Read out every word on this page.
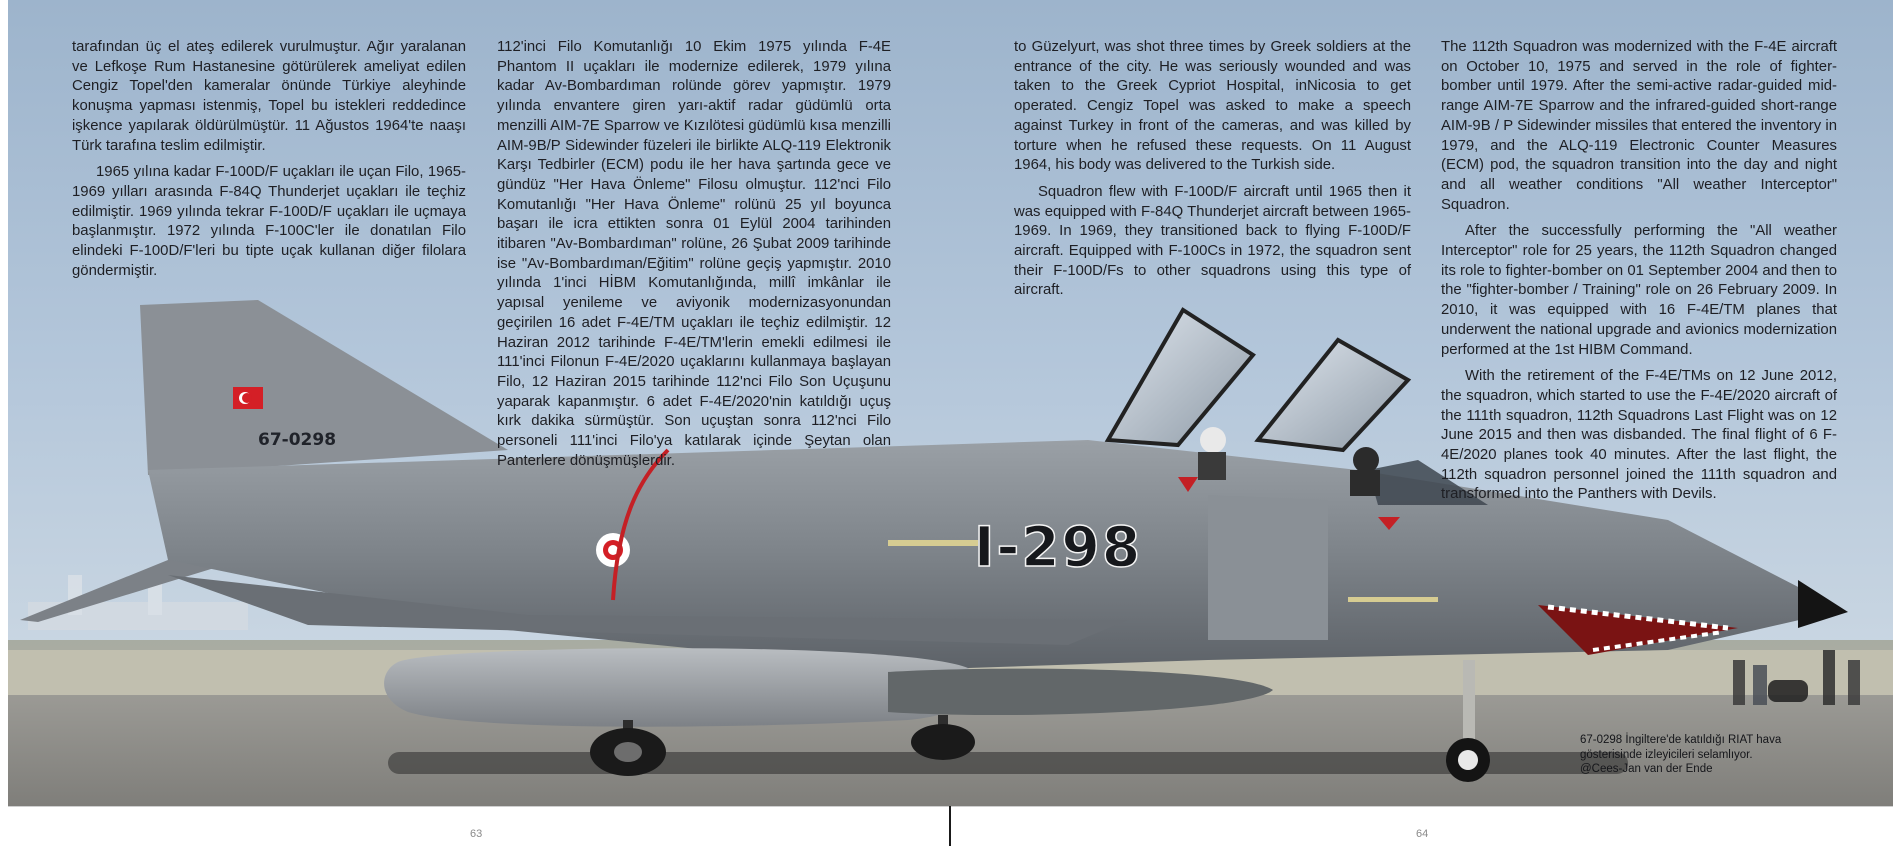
67-0298
I-298

tarafından üç el ateş edilerek vurulmuştur. Ağır yaralanan ve Lefkoşe Rum Hastanesine götürülerek ameliyat edilen Cengiz Topel'den kameralar önünde Türkiye aleyhinde konuşma yapması istenmiş, Topel bu istekleri reddedince işkence yapılarak öldürülmüştür. 11 Ağustos 1964'te naaşı Türk tarafına teslim edilmiştir.

1965 yılına kadar F-100D/F uçakları ile uçan Filo, 1965-1969 yılları arasında F-84Q Thunderjet uçakları ile teçhiz edilmiştir. 1969 yılında tekrar F-100D/F uçakları ile uçmaya başlanmıştır. 1972 yılında F-100C'ler ile donatılan Filo elindeki F-100D/F'leri bu tipte uçak kullanan diğer filolara göndermiştir.

112'inci Filo Komutanlığı 10 Ekim 1975 yılında F-4E Phantom II uçakları ile modernize edilerek, 1979 yılına kadar Av-Bombardıman rolünde görev yapmıştır. 1979 yılında envantere giren yarı-aktif radar güdümlü orta menzilli AIM-7E Sparrow ve Kızılötesi güdümlü kısa menzilli AIM-9B/P Sidewinder füzeleri ile birlikte ALQ-119 Elektronik Karşı Tedbirler (ECM) podu ile her hava şartında gece ve gündüz "Her Hava Önleme" Filosu olmuştur. 112'nci Filo Komutanlığı "Her Hava Önleme" rolünü 25 yıl boyunca başarı ile icra ettikten sonra 01 Eylül 2004 tarihinden itibaren "Av-Bombardıman" rolüne, 26 Şubat 2009 tarihinde ise "Av-Bombardıman/Eğitim" rolüne geçiş yapmıştır. 2010 yılında 1'inci HİBM Komutanlığında, millî imkânlar ile yapısal yenileme ve aviyonik modernizasyonundan geçirilen 16 adet F-4E/TM uçakları ile teçhiz edilmiştir. 12 Haziran 2012 tarihinde F-4E/TM'lerin emekli edilmesi ile 111'inci Filonun F-4E/2020 uçaklarını kullanmaya başlayan Filo, 12 Haziran 2015 tarihinde 112'nci Filo Son Uçuşunu yaparak kapanmıştır. 6 adet F-4E/2020'nin katıldığı uçuş kırk dakika sürmüştür. Son uçuştan sonra 112'nci Filo personeli 111'inci Filo'ya katılarak içinde Şeytan olan Panterlere dönüşmüşlerdir.

to Güzelyurt, was shot three times by Greek soldiers at the entrance of the city. He was seriously wounded and was taken to the Greek Cypriot Hospital, inNicosia to get operated. Cengiz Topel was asked to make a speech against Turkey in front of the cameras, and was killed by torture when he refused these requests. On 11 August 1964, his body was delivered to the Turkish side.

Squadron flew with F-100D/F aircraft until 1965 then it was equipped with F-84Q Thunderjet aircraft between 1965-1969. In 1969, they transitioned back to flying F-100D/F aircraft. Equipped with F-100Cs in 1972, the squadron sent their F-100D/Fs to other squadrons using this type of aircraft.

The 112th Squadron was modernized with the F-4E aircraft on October 10, 1975 and served in the role of fighter-bomber until 1979. After the semi-active radar-guided mid-range AIM-7E Sparrow and the infrared-guided short-range AIM-9B / P Sidewinder missiles that entered the inventory in 1979, and the ALQ-119 Electronic Counter Measures (ECM) pod, the squadron transition into the day and night and all weather conditions "All weather Interceptor" Squadron.

After the successfully performing the "All weather Interceptor" role for 25 years, the 112th Squadron changed its role to fighter-bomber on 01 September 2004 and then to the "fighter-bomber / Training" role on 26 February 2009. In 2010, it was equipped with 16 F-4E/TM planes that underwent the national upgrade and avionics modernization performed at the 1st HIBM Command.

With the retirement of the F-4E/TMs on 12 June 2012, the squadron, which started to use the F-4E/2020 aircraft of the 111th squadron, 112th Squadrons Last Flight was on 12 June 2015 and then was disbanded. The final flight of 6 F-4E/2020 planes took 40 minutes. After the last flight, the 112th squadron personnel joined the 111th squadron and transformed into the Panthers with Devils.

67-0298 İngiltere'de katıldığı RIAT hava
gösterisinde izleyicileri selamlıyor.
@Cees-Jan van der Ende
63	64
